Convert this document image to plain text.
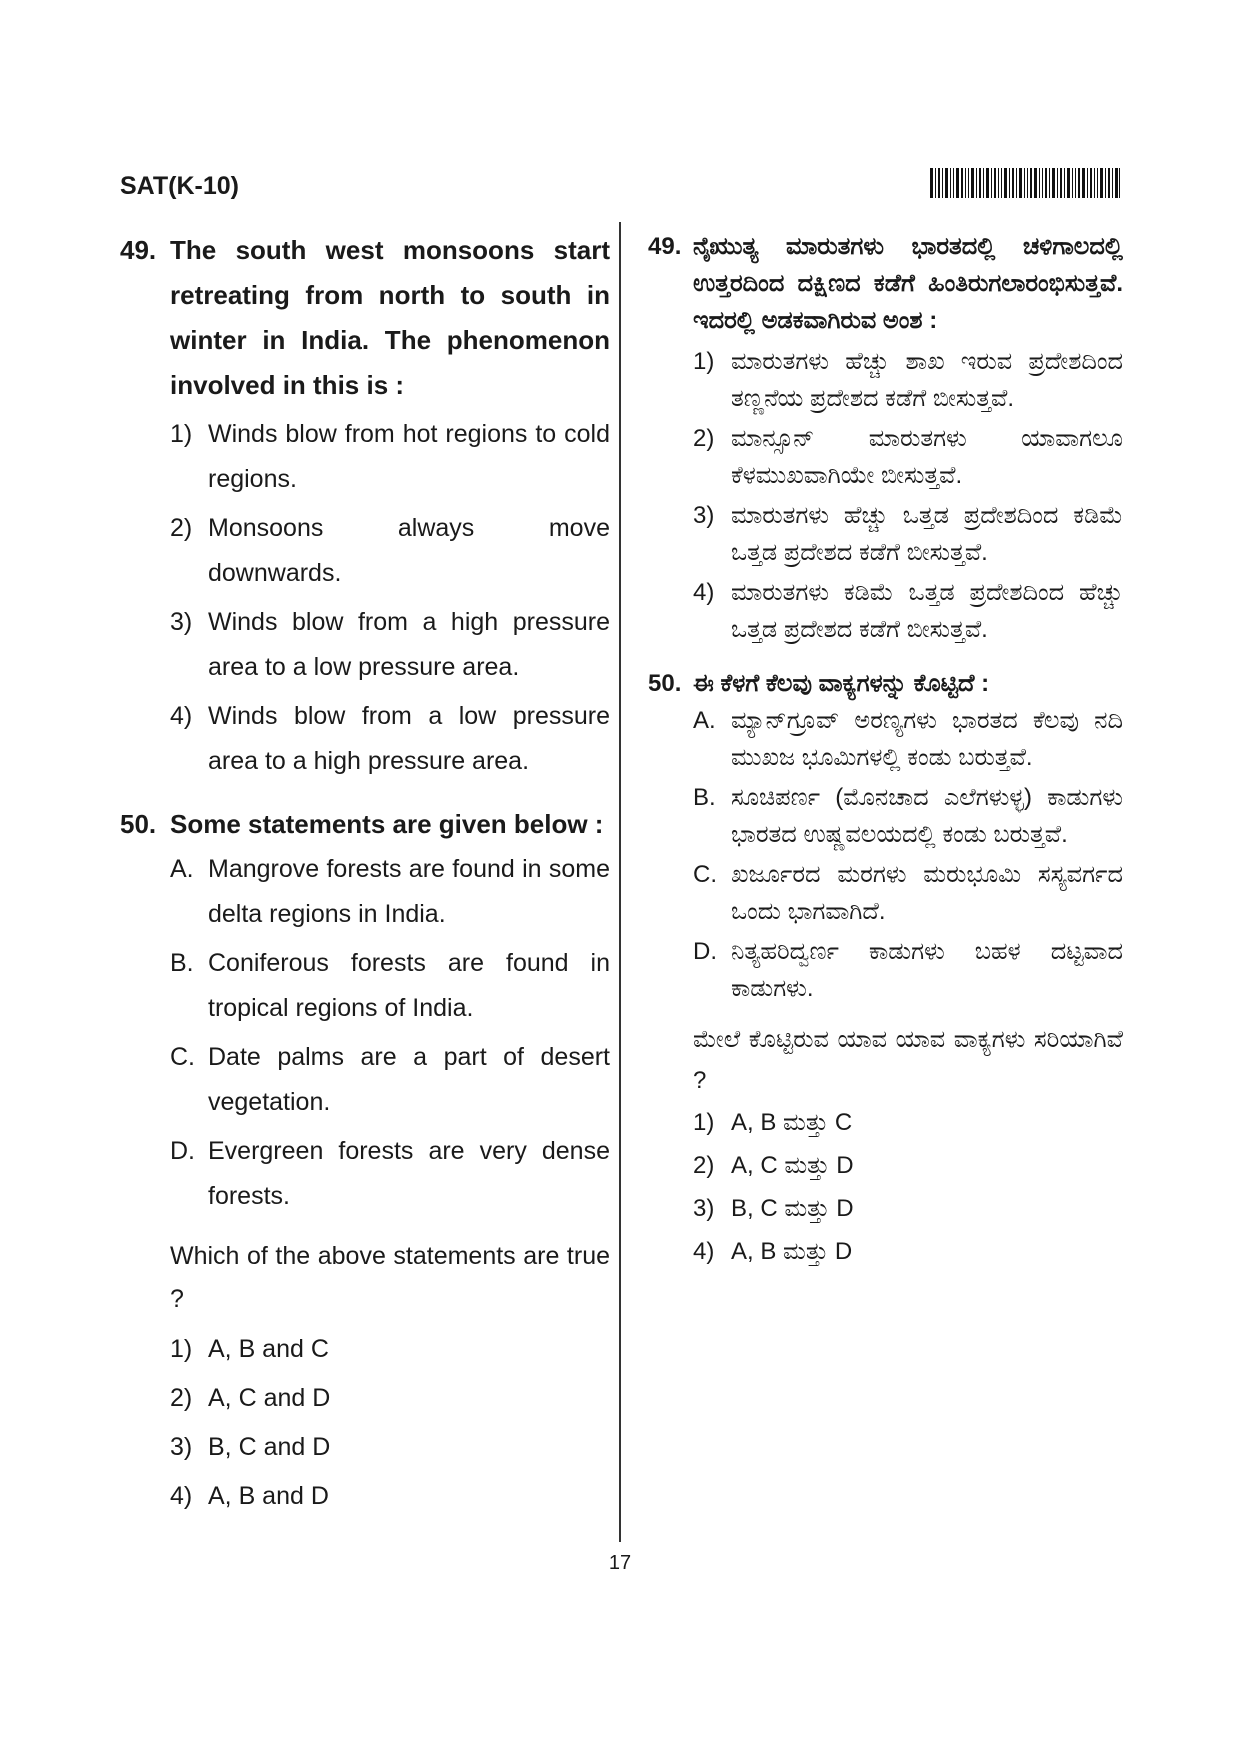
SAT(K-10)
49. The south west monsoons start retreating from north to south in winter in India. The phenomenon involved in this is :
1) Winds blow from hot regions to cold regions.
2) Monsoons always move downwards.
3) Winds blow from a high pressure area to a low pressure area.
4) Winds blow from a low pressure area to a high pressure area.
50. Some statements are given below :
A. Mangrove forests are found in some delta regions in India.
B. Coniferous forests are found in tropical regions of India.
C. Date palms are a part of desert vegetation.
D. Evergreen forests are very dense forests.
Which of the above statements are true ?
1) A, B and C
2) A, C and D
3) B, C and D
4) A, B and D
49. ನೈಋುತ್ಯ ಮಾರುತಗಳು ಭಾರತದಲ್ಲಿ ಚಳಿಗಾಲದಲ್ಲಿ ಉತ್ತರದಿಂದ ದಕ್ಷಿಣದ ಕಡೆಗೆ ಹಿಂತಿರುಗಲಾರಂಭಿಸುತ್ತವೆ. ಇದರಲ್ಲಿ ಅಡಕವಾಗಿರುವ ಅಂಶ :
1) ಮಾರುತಗಳು ಹೆಚ್ಚು ಶಾಖ ಇರುವ ಪ್ರದೇಶದಿಂದ ತಣ್ಣನೆಯ ಪ್ರದೇಶದ ಕಡೆಗೆ ಬೀಸುತ್ತವೆ.
2) ಮಾನ್ಸೂನ್ ಮಾರುತಗಳು ಯಾವಾಗಲೂ ಕೆಳಮುಖವಾಗಿಯೇ ಬೀಸುತ್ತವೆ.
3) ಮಾರುತಗಳು ಹೆಚ್ಚು ಒತ್ತಡ ಪ್ರದೇಶದಿಂದ ಕಡಿಮೆ ಒತ್ತಡ ಪ್ರದೇಶದ ಕಡೆಗೆ ಬೀಸುತ್ತವೆ.
4) ಮಾರುತಗಳು ಕಡಿಮೆ ಒತ್ತಡ ಪ್ರದೇಶದಿಂದ ಹೆಚ್ಚು ಒತ್ತಡ ಪ್ರದೇಶದ ಕಡೆಗೆ ಬೀಸುತ್ತವೆ.
50. ಈ ಕೆಳಗೆ ಕೆಲವು ವಾಕ್ಯಗಳನ್ನು ಕೊಟ್ಟಿದೆ :
A. ಮ್ಯಾನ್‌ಗ್ರೂವ್ ಅರಣ್ಯಗಳು ಭಾರತದ ಕೆಲವು ನದಿ ಮುಖಜ ಭೂಮಿಗಳಲ್ಲಿ ಕಂಡು ಬರುತ್ತವೆ.
B. ಸೂಚಿಪರ್ಣ (ಮೊನಚಾದ ಎಲೆಗಳುಳ್ಳ) ಕಾಡುಗಳು ಭಾರತದ ಉಷ್ಣವಲಯದಲ್ಲಿ ಕಂಡು ಬರುತ್ತವೆ.
C. ಖರ್ಜೂರದ ಮರಗಳು ಮರುಭೂಮಿ ಸಸ್ಯವರ್ಗದ ಒಂದು ಭಾಗವಾಗಿದೆ.
D. ನಿತ್ಯಹರಿದ್ವರ್ಣ ಕಾಡುಗಳು ಬಹಳ ದಟ್ಟವಾದ ಕಾಡುಗಳು.
ಮೇಲೆ ಕೊಟ್ಟಿರುವ ಯಾವ ಯಾವ ವಾಕ್ಯಗಳು ಸರಿಯಾಗಿವೆ ?
1) A, B ಮತ್ತು C
2) A, C ಮತ್ತು D
3) B, C ಮತ್ತು D
4) A, B ಮತ್ತು D
17
